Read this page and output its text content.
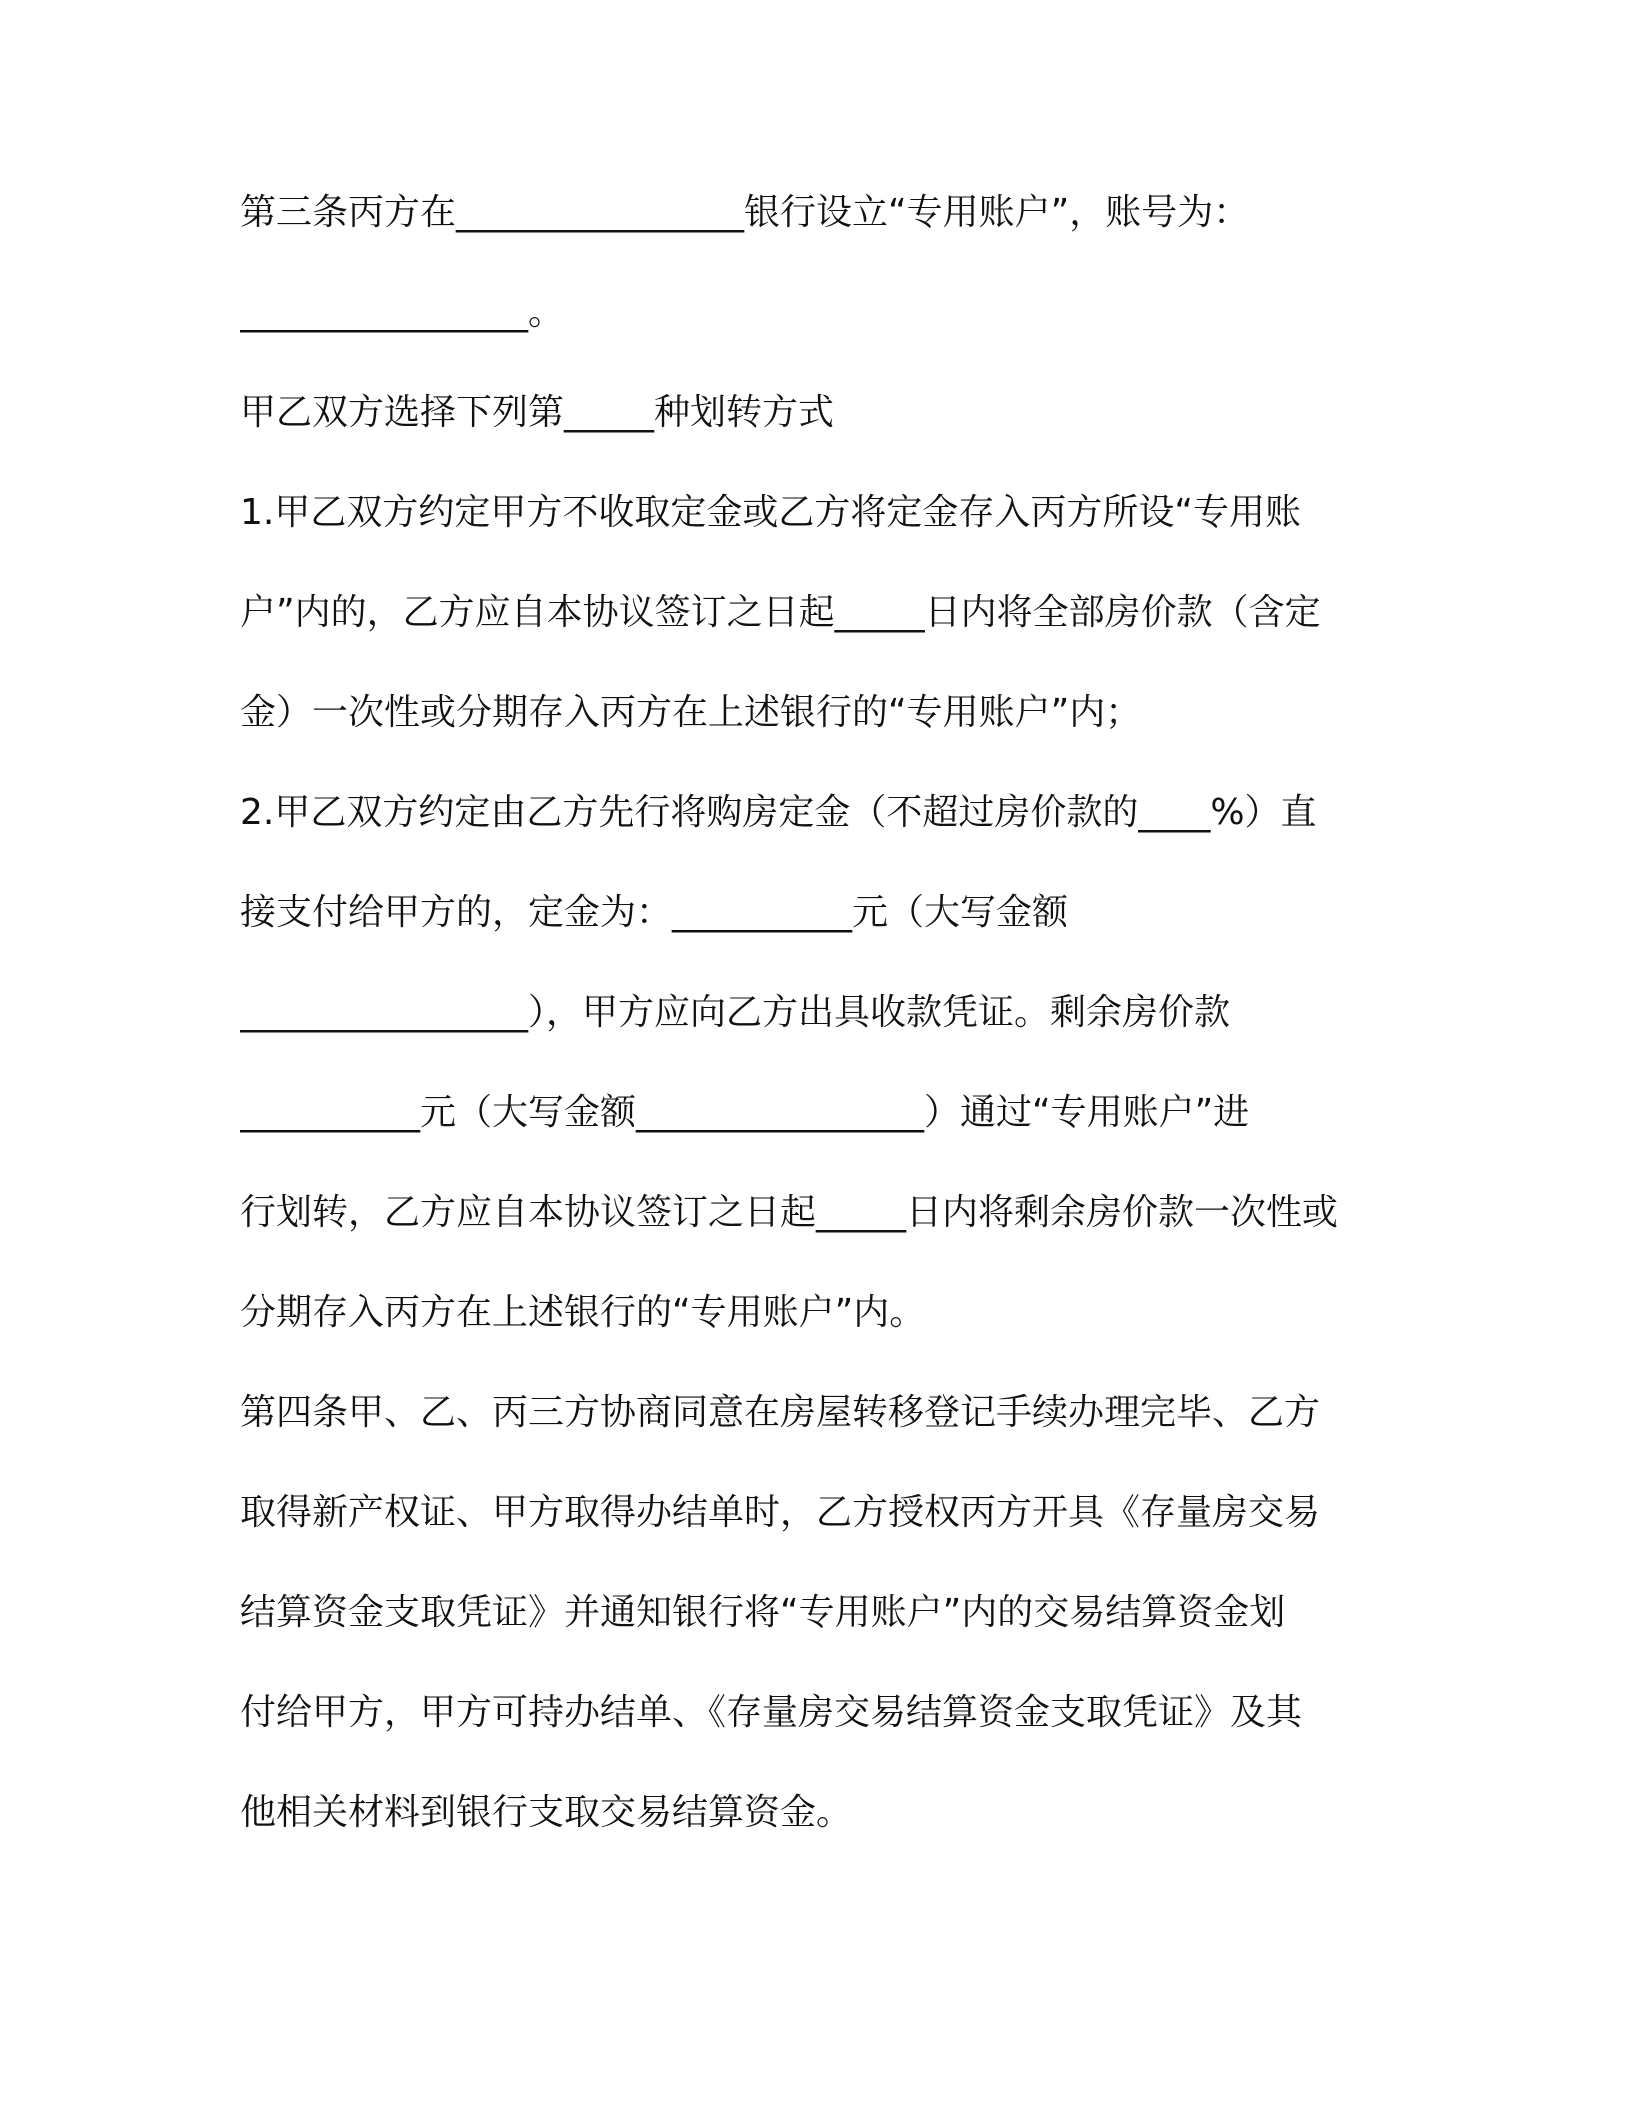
第三条丙方在________________银行设立“专用账户”，账号为：
________________。
甲乙双方选择下列第_____种划转方式
1.甲乙双方约定甲方不收取定金或乙方将定金存入丙方所设“专用账
户”内的，乙方应自本协议签订之日起_____日内将全部房价款（含定
金）一次性或分期存入丙方在上述银行的“专用账户”内；
2.甲乙双方约定由乙方先行将购房定金（不超过房价款的____%）直
接支付给甲方的，定金为：__________元（大写金额
________________），甲方应向乙方出具收款凭证。剩余房价款
__________元（大写金额________________）通过“专用账户”进
行划转，乙方应自本协议签订之日起_____日内将剩余房价款一次性或
分期存入丙方在上述银行的“专用账户”内。
第四条甲、乙、丙三方协商同意在房屋转移登记手续办理完毕、乙方
取得新产权证、甲方取得办结单时，乙方授权丙方开具《存量房交易
结算资金支取凭证》并通知银行将“专用账户”内的交易结算资金划
付给甲方，甲方可持办结单、《存量房交易结算资金支取凭证》及其
他相关材料到银行支取交易结算资金。
